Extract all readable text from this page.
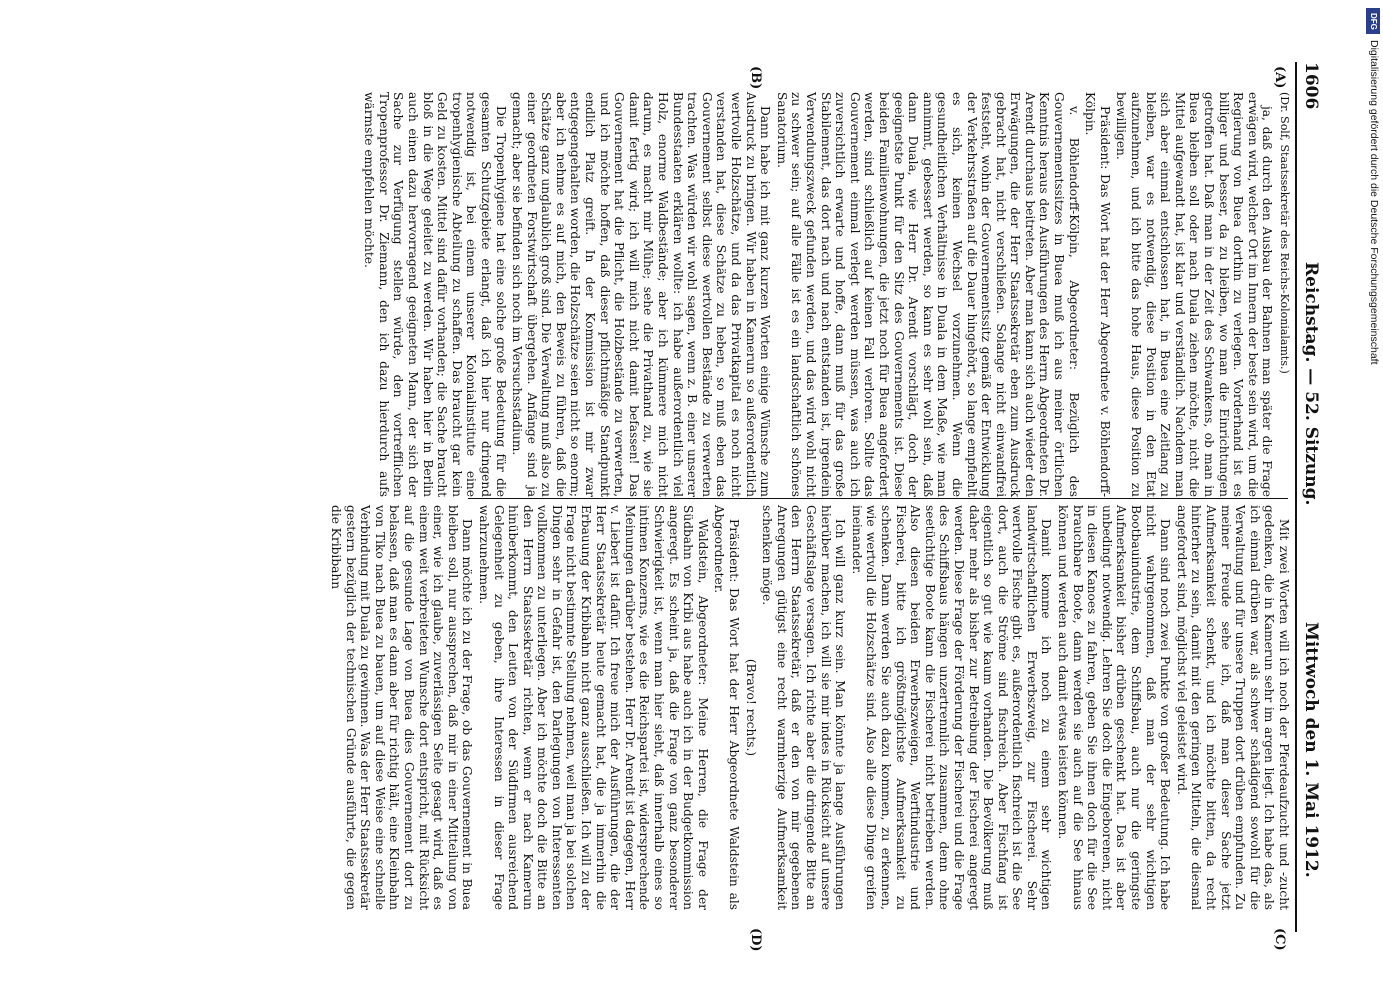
1606
Reichstag. — 52. Sitzung.
Mittwoch den 1. Mai 1912.
(A)
(B)
(C)
(D)

(Dr. Solf, Staatssekretär des Reichs-Kolonialamts.)

ja, daß durch den Ausbau der Bahnen man später die Frage erwägen wird, welcher Ort im Innern der beste sein wird, um die Regierung von Buea dorthin zu verlegen. Vorderhand ist es billiger und besser, da zu bleiben, wo man die Einrichtungen getroffen hat. Daß man in der Zeit des Schwankens, ob man in Buea bleiben soll oder nach Duala ziehen möchte, nicht die Mittel aufgewandt hat, ist klar und verständlich. Nachdem man sich aber einmal entschlossen hat, in Buea eine Zeitlang zu bleiben, war es notwendig, diese Position in den Etat aufzunehmen, und ich bitte das hohe Haus, diese Position zu bewilligen.

Präsident: Das Wort hat der Herr Abgeordnete v. Böhlendorff-Kölpin.

v. Böhlendorff-Kölpin, Abgeordneter: Bezüglich des Gouvernementssitzes in Buea muß ich aus meiner örtlichen Kenntnis heraus den Ausführungen des Herrn Abgeordneten Dr. Arendt durchaus beitreten. Aber man kann sich auch wieder den Erwägungen, die der Herr Staatssekretär eben zum Ausdruck gebracht hat, nicht verschließen. Solange nicht einwandfrei feststeht, wohin der Gouvernementssitz gemäß der Entwicklung der Verkehrsstraßen auf die Dauer hingehört, so lange empfiehlt es sich, keinen Wechsel vorzunehmen. Wenn die gesundheitlichen Verhältnisse in Duala in dem Maße, wie man annimmt, gebessert werden, so kann es sehr wohl sein, daß dann Duala, wie Herr Dr. Arendt vorschlägt, doch der geeignetste Punkt für den Sitz des Gouvernements ist. Diese beiden Familienwohnungen, die jetzt noch für Buea angefordert werden, sind schließlich auf keinen Fall verloren. Sollte das Gouvernement einmal verlegt werden müssen, was auch ich zuversichtlich erwarte und hoffe, dann muß für das große Stabilement, das dort nach und nach entstanden ist, irgendein Verwendungszweck gefunden werden, und das wird wohl nicht zu schwer sein; auf alle Fälle ist es ein landschaftlich schönes Sanatorium.

Dann habe ich mit ganz kurzen Worten einige Wünsche zum Ausdruck zu bringen. Wir haben in Kamerun so außerordentlich wertvolle Holzschätze, und da das Privatkapital es noch nicht verstanden hat, diese Schätze zu heben, so muß eben das Gouvernement selbst diese wertvollen Bestände zu verwerten trachten. Was würden wir wohl sagen, wenn z. B. einer unserer Bundesstaaten erklären wollte: ich habe außerordentlich viel Holz, enorme Waldbestände; aber ich kümmere mich nicht darum, es macht mir Mühe; sehe die Privathand zu, wie sie damit fertig wird; ich will mich nicht damit befassen! Das Gouvernement hat die Pflicht, die Holzbestände zu verwerten, und ich möchte hoffen, daß dieser pflichtmäßige Standpunkt endlich Platz greift. In der Kommission ist mir zwar entgegengehalten worden, die Holzschätze seien nicht so enorm; aber ich nehme es auf mich, den Beweis zu führen, daß die Schätze ganz unglaublich groß sind. Die Verwaltung muß also zu einer geordneten Forstwirtschaft übergehen. Anfänge sind ja gemacht; aber sie befinden sich noch im Versuchsstadium.

Die Tropenhygiene hat eine solche große Bedeutung für die gesamten Schutzgebiete erlangt, daß ich hier nur dringend notwendig ist, bei einem unserer Kolonialinstitute eine tropenhygienische Abteilung zu schaffen. Das braucht gar kein Geld zu kosten. Mittel sind dafür vorhanden; die Sache braucht bloß in die Wege geleitet zu werden. Wir haben hier in Berlin auch einen dazu hervorragend geeigneten Mann, der sich der Sache zur Verfügung stellen würde, den vortrefflichen Tropenprofessor Dr. Ziemann, den ich dazu hierdurch aufs wärmste empfehlen möchte.

Mit zwei Worten will ich noch der Pferdeaufzucht und -zucht gedenken, die in Kamerun sehr im argen liegt. Ich habe das, als ich einmal drüben war, als schwer schädigend sowohl für die Verwaltung und für unsere Truppen dort drüben empfunden. Zu meiner Freude sehe ich, daß man dieser Sache jetzt Aufmerksamkeit schenkt, und ich möchte bitten, da recht hinterher zu sein, damit mit den geringen Mitteln, die diesmal angefordert sind, möglichst viel geleistet wird.

Dann sind noch zwei Punkte von großer Bedeutung. Ich habe nicht wahrgenommen, daß man der sehr wichtigen Bootbauindustrie, dem Schiffsbau, auch nur die geringste Aufmerksamkeit bisher drüben geschenkt hat. Das ist aber unbedingt notwendig. Lehren Sie doch die Eingeborenen, nicht in diesen Kanoes zu fahren, geben Sie ihnen doch für die See brauchbare Boote, dann werden sie auch auf die See hinaus können und werden auch damit etwas leisten können.

Damit komme ich noch zu einem sehr wichtigen landwirtschaftlichen Erwerbszweig, zur Fischerei. Sehr wertvolle Fische gibt es, außerordentlich fischreich ist die See dort, auch die Ströme sind fischreich. Aber Fischfang ist eigentlich so gut wie kaum vorhanden. Die Bevölkerung muß daher mehr als bisher zur Betreibung der Fischerei angeregt werden. Diese Frage der Förderung der Fischerei und die Frage des Schiffsbaus hängen unzertrennlich zusammen, denn ohne seetüchtige Boote kann die Fischerei nicht betrieben werden. Also diesen beiden Erwerbszweigen, Werftindustrie und Fischerei, bitte ich größtmöglichste Aufmerksamkeit zu schenken. Dann werden Sie auch dazu kommen, zu erkennen, wie wertvoll die Holzschätze sind. Also alle diese Dinge greifen ineinander.

Ich will ganz kurz sein. Man könnte ja lange Ausführungen hierüber machen, ich will sie mir indes in Rücksicht auf unsere Geschäftslage versagen. Ich richte aber die dringende Bitte an den Herrn Staatssekretär, daß er den von mir gegebenen Anregungen gütigst eine recht warmherzige Aufmerksamkeit schenken möge.

(Bravo! rechts.)

Präsident: Das Wort hat der Herr Abgeordnete Waldstein als Abgeordneter.

Waldstein, Abgeordneter: Meine Herren, die Frage der Südbahn von Kribi aus habe auch ich in der Budgetkommission angeregt. Es scheint ja, daß die Frage von ganz besonderer Schwierigkeit ist, wenn man hier sieht, daß innerhalb eines so intimen Konzerns, wie es die Reichspartei ist, widersprechende Meinungen darüber bestehen. Herr Dr. Arendt ist dagegen, Herr v. Liebert ist dafür. Ich freue mich der Ausführungen, die der Herr Staatssekretär heute gemacht hat, die ja immerhin die Erbauung der Kribibahn nicht ganz ausschließen. Ich will zu der Frage nicht bestimmte Stellung nehmen, weil man ja bei solchen Dingen sehr in Gefahr ist, den Darlegungen von Interessenten vollkommen zu unterliegen. Aber ich möchte doch die Bitte an den Herrn Staatssekretär richten, wenn er nach Kamerun hinüberkommt, den Leuten von der Südfirmen ausreichend Gelegenheit zu geben, ihre Interessen in dieser Frage wahrzunehmen.

Dann möchte ich zu der Frage, ob das Gouvernement in Buea bleiben soll, nur aussprechen, daß mir in einer Mitteilung von einer, wie ich glaube, zuverlässigen Seite gesagt wird, daß es einem weit verbreiteten Wunsche dort entspricht, mit Rücksicht auf die gesunde Lage von Buea dies Gouvernement dort zu belassen, daß man es dann aber für richtig hält, eine Kleinbahn von Tiko nach Buea zu bauen, um auf diese Weise eine schnelle Verbindung mit Duala zu gewinnen. Was der Herr Staatssekretär gestern bezüglich der technischen Gründe ausführte, die gegen die Kribibahn

DFG
Digitalisierung gefördert durch die Deutsche Forschungsgemeinschaft
